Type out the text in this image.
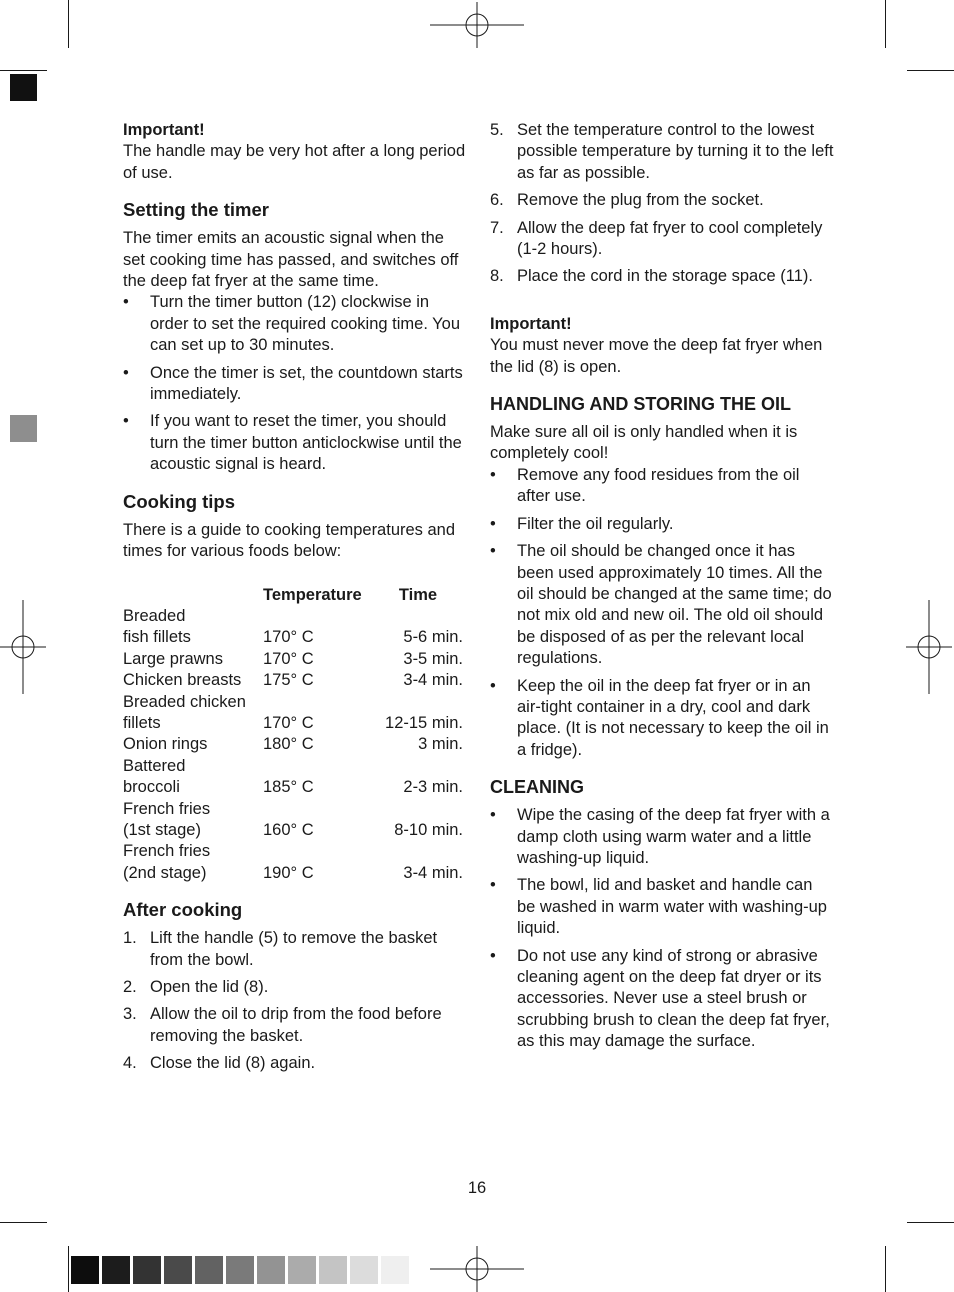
Important!

The handle may be very hot after a long period of use.

Setting the timer

The timer emits an acoustic signal when the set cooking time has passed, and switches off the deep fat fryer at the same time.

• Turn the timer button (12) clockwise in order to set the required cooking time. You can set up to 30 minutes.
• Once the timer is set, the countdown starts immediately.
• If you want to reset the timer, you should turn the timer button anticlockwise until the acoustic signal is heard.
Cooking tips

There is a guide to cooking temperatures and times for various foods below:

	Temperature	Time
Breaded		
fish fillets	170° C	5-6 min.
Large prawns	170° C	3-5 min.
Chicken breasts	175° C	3-4 min.
Breaded chicken		
fillets	170° C	12-15 min.
Onion rings	180° C	3 min.
Battered		
broccoli	185° C	2-3 min.
French fries		
(1st stage)	160° C	8-10 min.
French fries		
(2nd stage)	190° C	3-4 min.
After cooking
1. Lift the handle (5) to remove the basket from the bowl.
2. Open the lid (8).
3. Allow the oil to drip from the food before removing the basket.
4. Close the lid (8) again.
5. Set the temperature control to the lowest possible temperature by turning it to the left as far as possible.
6. Remove the plug from the socket.
7. Allow the deep fat fryer to cool completely (1-2 hours).
8. Place the cord in the storage space (11).

Important!

You must never move the deep fat fryer when the lid (8) is open.

HANDLING AND STORING THE OIL

Make sure all oil is only handled when it is completely cool!

• Remove any food residues from the oil after use.
• Filter the oil regularly.
• The oil should be changed once it has been used approximately 10 times. All the oil should be changed at the same time; do not mix old and new oil. The old oil should be disposed of as per the relevant local regulations.
• Keep the oil in the deep fat fryer or in an air-tight container in a dry, cool and dark place. (It is not necessary to keep the oil in a fridge).
CLEANING
• Wipe the casing of the deep fat fryer with a damp cloth using warm water and a little washing-up liquid.
• The bowl, lid and basket and handle can be washed in warm water with washing-up liquid.
• Do not use any kind of strong or abrasive cleaning agent on the deep fat dryer or its accessories. Never use a steel brush or scrubbing brush to clean the deep fat fryer, as this may damage the surface.
16
